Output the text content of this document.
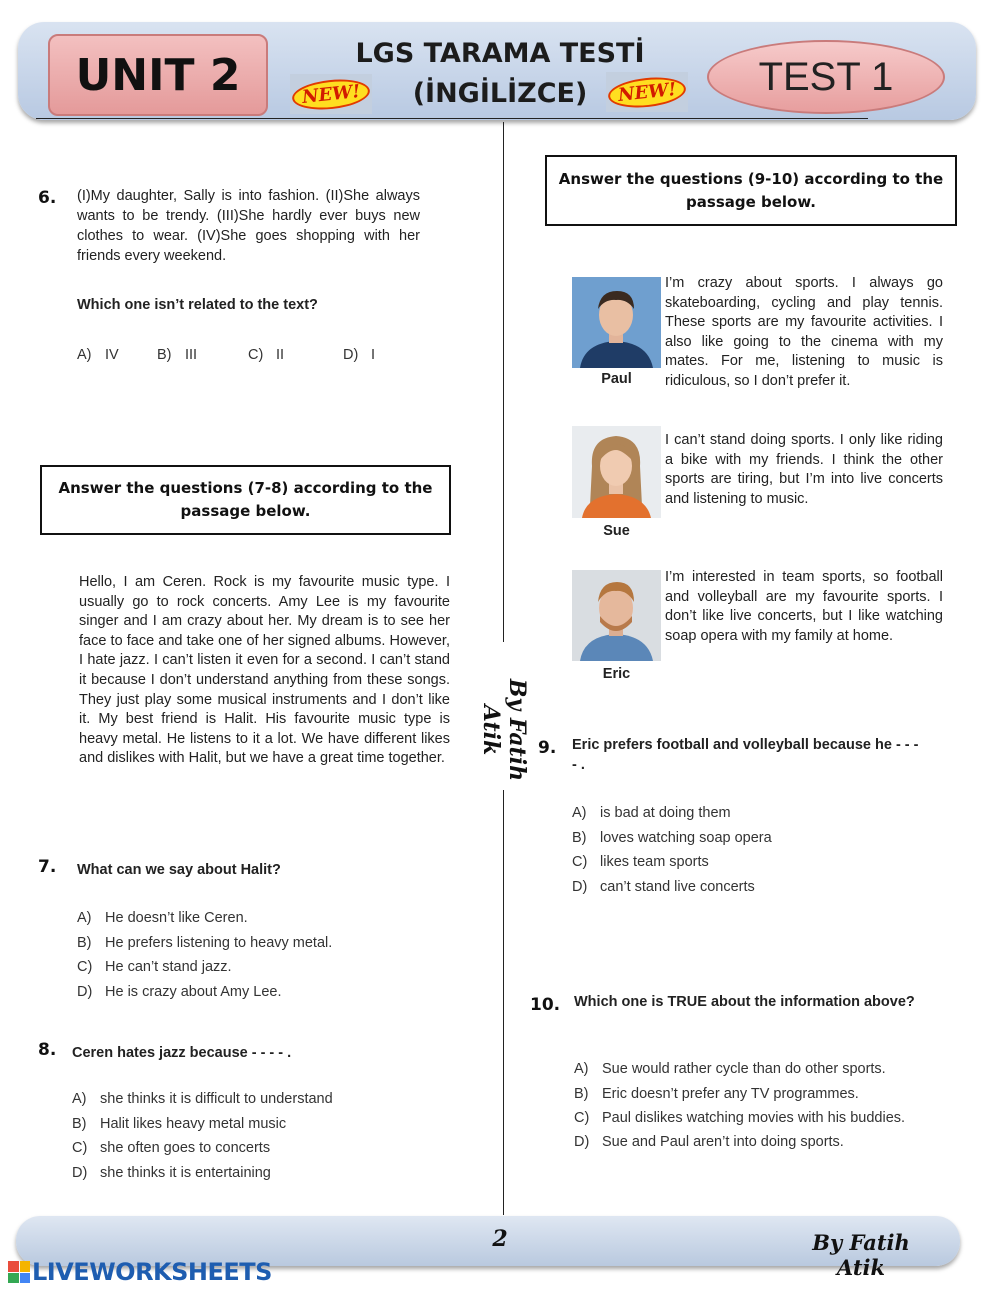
UNIT 2	LGS TARAMA TESTİ
(İNGİLİZCE)
NEW!	NEW!	TEST 1
By Fatih Atik
6. (I)My daughter, Sally is into fashion. (II)She always wants to be trendy. (III)She hardly ever buys new clothes to wear. (IV)She goes shopping with her friends every weekend.
Which one isn’t related to the text?
A) IV	B) III	C) II	D) I
Answer the questions (7-8) according to the passage below.
Hello, I am Ceren. Rock is my favourite music type. I usually go to rock concerts. Amy Lee is my favourite singer and I am crazy about her. My dream is to see her face to face and take one of her signed albums. However, I hate jazz. I can’t listen it even for a second. I can’t stand it because I don’t understand anything from these songs. They just play some musical instruments and I don’t like it. My best friend is Halit. His favourite music type is heavy metal. He listens to it a lot. We have different likes and dislikes with Halit, but we have a great time together.
7. What can we say about Halit?
A) He doesn’t like Ceren.
B) He prefers listening to heavy metal.
C) He can’t stand jazz.
D) He is crazy about Amy Lee.
8. Ceren hates jazz because - - - - .
A) she thinks it is difficult to understand
B) Halit likes heavy metal music
C) she often goes to concerts
D) she thinks it is entertaining
Answer the questions (9-10) according to the passage below.
Paul
I’m crazy about sports. I always go skateboarding, cycling and play tennis. These sports are my favourite activities. I also like going to the cinema with my mates. For me, listening to music is ridiculous, so I don’t prefer it.
Sue
I can’t stand doing sports. I only like riding a bike with my friends. I think the other sports are tiring, but I’m into live concerts and listening to music.
Eric
I’m interested in team sports, so football and volleyball are my favourite sports. I don’t like live concerts, but I like watching soap opera with my family at home.
9. Eric prefers football and volleyball because he - - - - .
A) is bad at doing them
B) loves watching soap opera
C) likes team sports
D) can’t stand live concerts
10. Which one is TRUE about the information above?
A) Sue would rather cycle than do other sports.
B) Eric doesn’t prefer any TV programmes.
C) Paul dislikes watching movies with his buddies.
D) Sue and Paul aren’t into doing sports.
2	By Fatih Atik
LIVEWORKSHEETS
